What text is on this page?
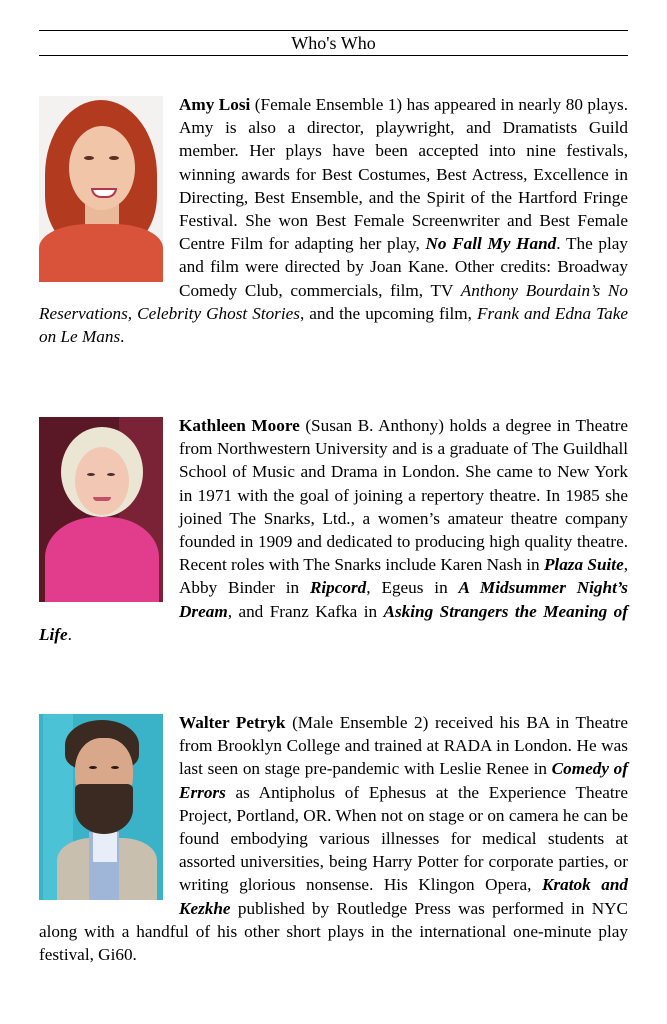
Who's Who
Amy Losi (Female Ensemble 1) has appeared in nearly 80 plays. Amy is also a director, playwright, and Dramatists Guild member. Her plays have been accepted into nine festivals, winning awards for Best Costumes, Best Actress, Excellence in Directing, Best Ensemble, and the Spirit of the Hartford Fringe Festival. She won Best Female Screenwriter and Best Female Centre Film for adapting her play, No Fall My Hand. The play and film were directed by Joan Kane. Other credits: Broadway Comedy Club, commercials, film, TV Anthony Bourdain’s No Reservations, Celebrity Ghost Stories, and the upcoming film, Frank and Edna Take on Le Mans.
Kathleen Moore (Susan B. Anthony) holds a degree in Theatre from Northwestern University and is a graduate of The Guildhall School of Music and Drama in London. She came to New York in 1971 with the goal of joining a repertory theatre. In 1985 she joined The Snarks, Ltd., a women’s amateur theatre company founded in 1909 and dedicated to producing high quality theatre. Recent roles with The Snarks include Karen Nash in Plaza Suite, Abby Binder in Ripcord, Egeus in A Midsummer Night’s Dream, and Franz Kafka in Asking Strangers the Meaning of Life.
Walter Petryk (Male Ensemble 2) received his BA in Theatre from Brooklyn College and trained at RADA in London. He was last seen on stage pre-pandemic with Leslie Renee in Comedy of Errors as Antipholus of Ephesus at the Experience Theatre Project, Portland, OR. When not on stage or on camera he can be found embodying various illnesses for medical students at assorted universities, being Harry Potter for corporate parties, or writing glorious nonsense. His Klingon Opera, Kratok and Kezkhe published by Routledge Press was performed in NYC along with a handful of his other short plays in the international one-minute play festival, Gi60.
